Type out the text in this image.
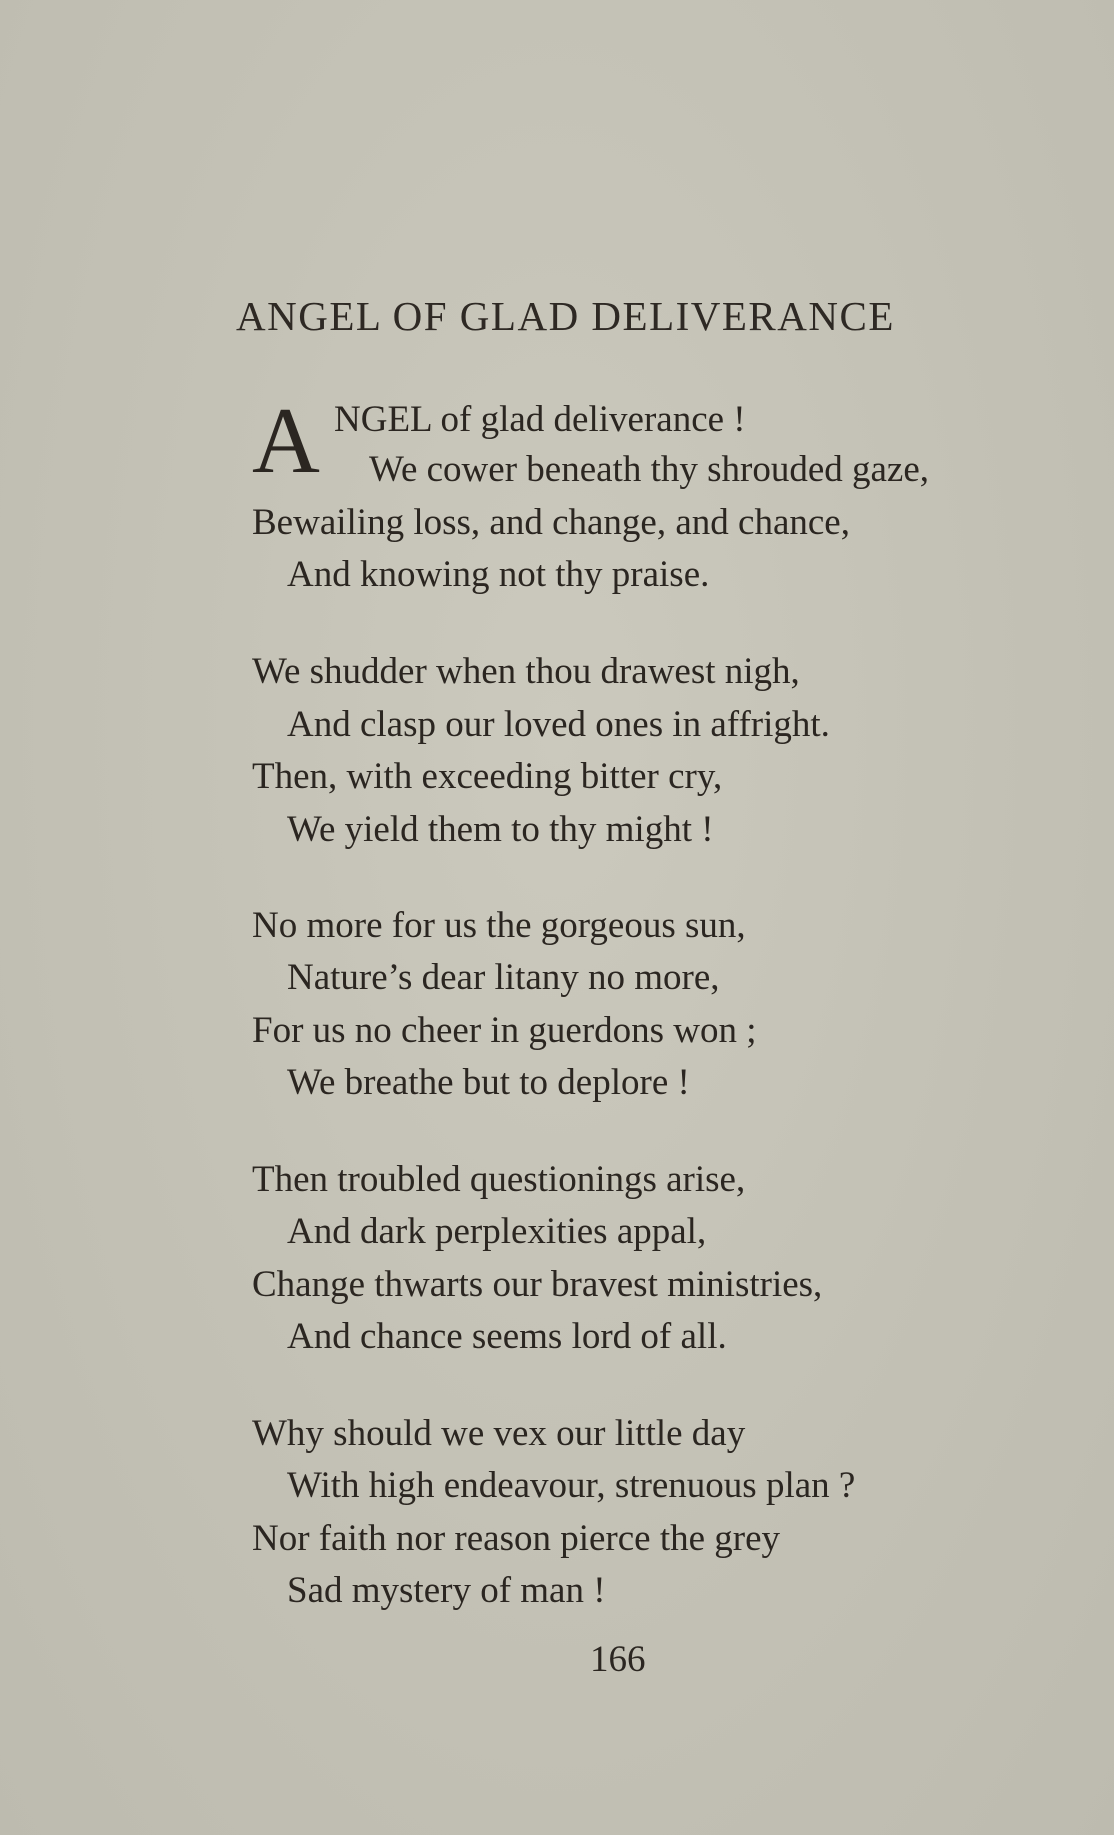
ANGEL OF GLAD DELIVERANCE
A NGEL of glad deliverance !
We cower beneath thy shrouded gaze,
Bewailing loss, and change, and chance,
And knowing not thy praise.
We shudder when thou drawest nigh,
And clasp our loved ones in affright.
Then, with exceeding bitter cry,
We yield them to thy might !
No more for us the gorgeous sun,
Nature’s dear litany no more,
For us no cheer in guerdons won ;
We breathe but to deplore !
Then troubled questionings arise,
And dark perplexities appal,
Change thwarts our bravest ministries,
And chance seems lord of all.
Why should we vex our little day
With high endeavour, strenuous plan ?
Nor faith nor reason pierce the grey
Sad mystery of man !
166
